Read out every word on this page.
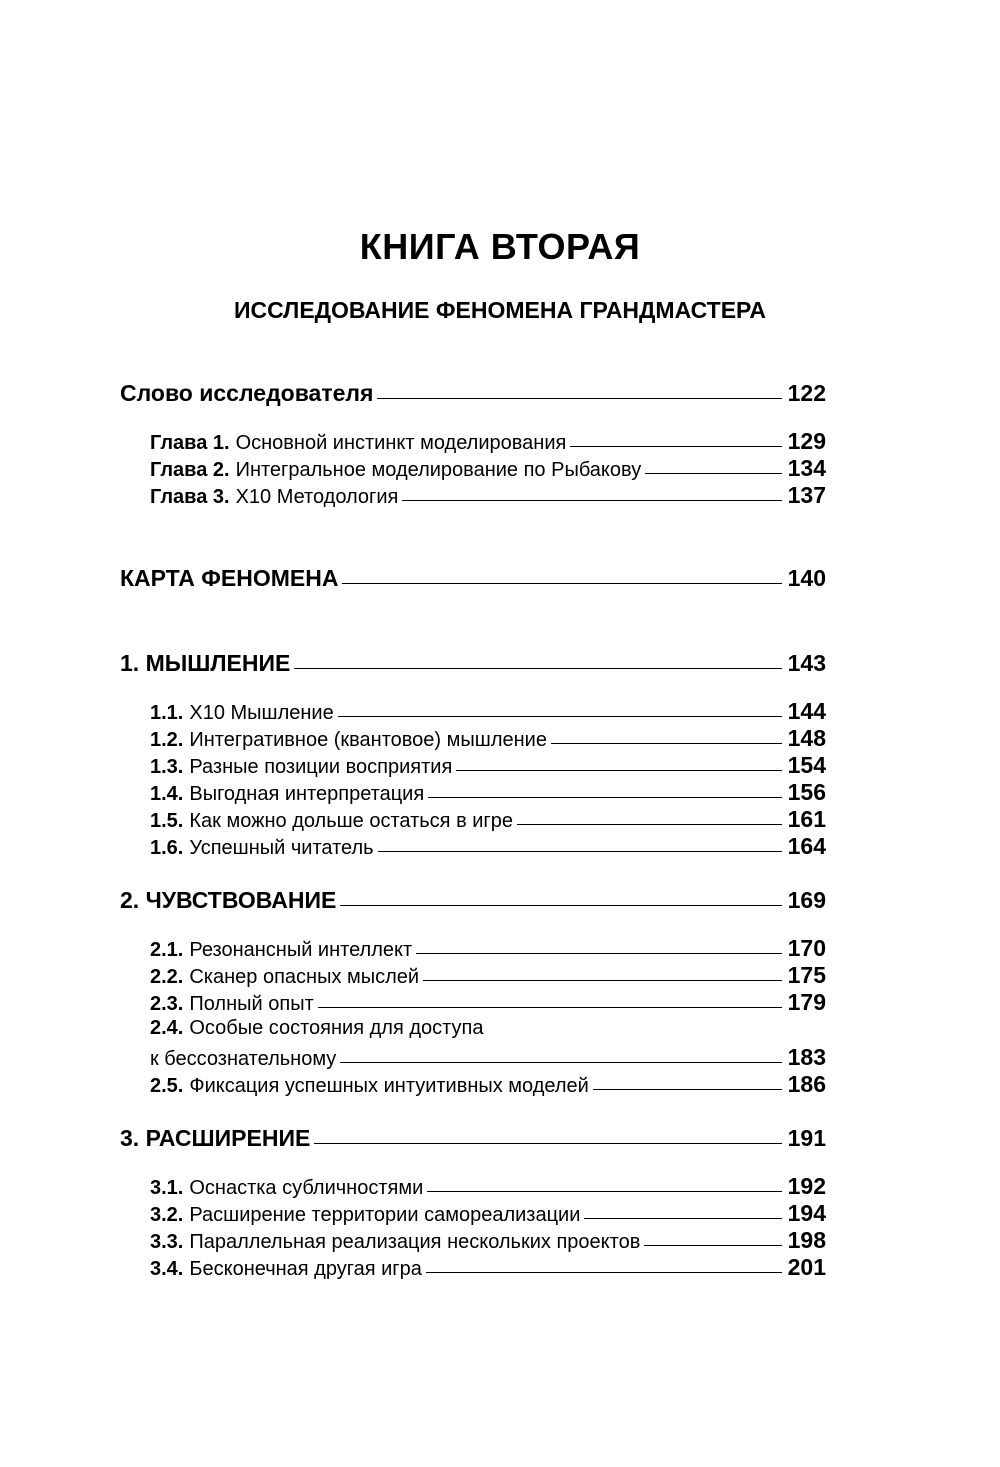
КНИГА ВТОРАЯ
ИССЛЕДОВАНИЕ ФЕНОМЕНА ГРАНДМАСТЕРА
Слово исследователя	122
Глава 1. Основной инстинкт моделирования	129
Глава 2. Интегральное моделирование по Рыбакову	134
Глава 3. Х10 Методология	137
КАРТА ФЕНОМЕНА	140
1. МЫШЛЕНИЕ	143
1.1. Х10 Мышление	144
1.2. Интегративное (квантовое) мышление	148
1.3. Разные позиции восприятия	154
1.4. Выгодная интерпретация	156
1.5. Как можно дольше остаться в игре	161
1.6. Успешный читатель	164
2. ЧУВСТВОВАНИЕ	169
2.1. Резонансный интеллект	170
2.2. Сканер опасных мыслей	175
2.3. Полный опыт	179
2.4. Особые состояния для доступа
к бессознательному	183
2.5. Фиксация успешных интуитивных моделей	186
3. РАСШИРЕНИЕ	191
3.1. Оснастка субличностями	192
3.2. Расширение территории самореализации	194
3.3. Параллельная реализация нескольких проектов	198
3.4. Бесконечная другая игра	201
